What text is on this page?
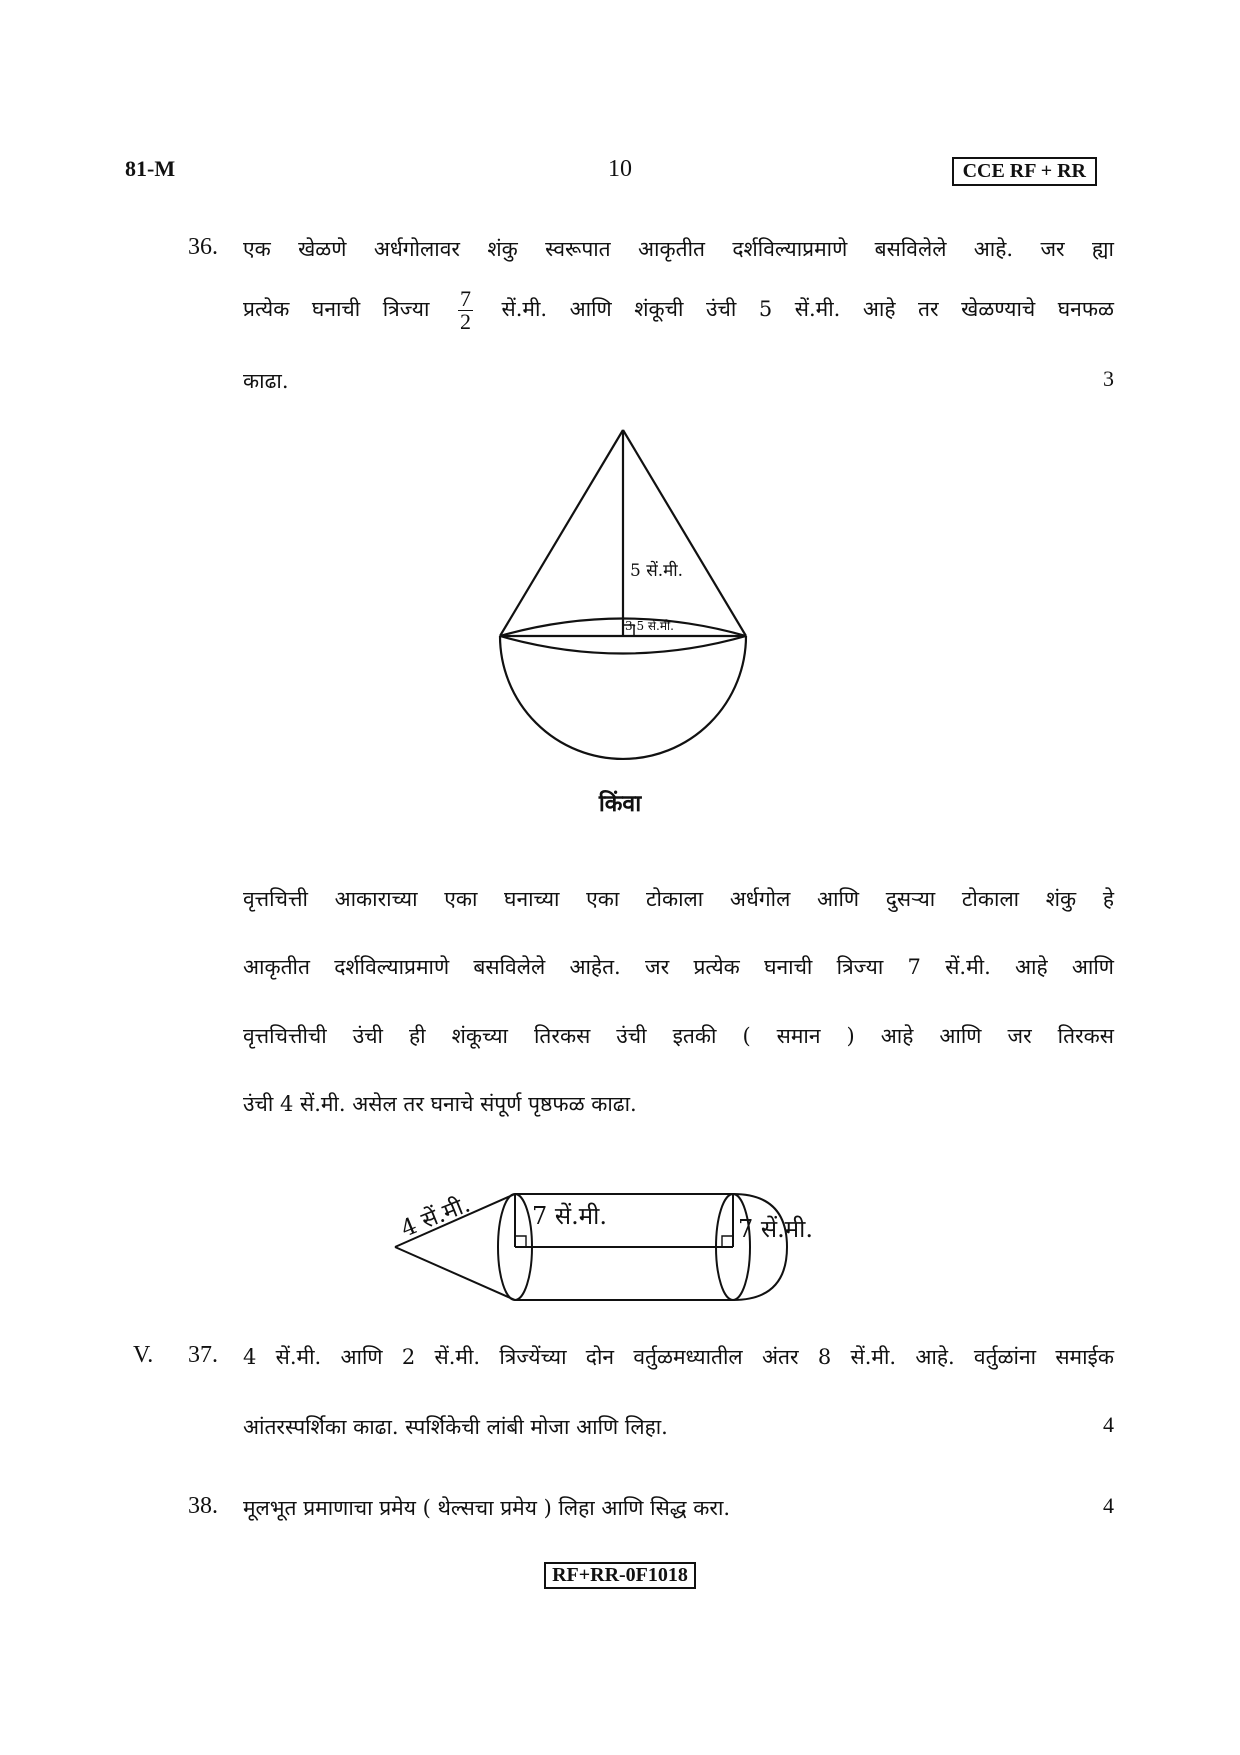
81-M	10	CCE RF + RR
36. एक खेळणे अर्धगोलावर शंकु स्वरूपात आकृतीत दर्शविल्याप्रमाणे बसविलेले आहे. जर ह्या
प्रत्येक घनाची त्रिज्या $\frac{7}{2}$ सें.मी. आणि शंकूची उंची 5 सें.मी. आहे तर खेळण्याचे घनफळ
काढा.	3
5 सें.मी.
3·5 सें.मी.
किंवा
वृत्तचित्ती आकाराच्या एका घनाच्या एका टोकाला अर्धगोल आणि दुसऱ्या टोकाला शंकु हे
आकृतीत दर्शविल्याप्रमाणे बसविलेले आहेत. जर प्रत्येक घनाची त्रिज्या 7 सें.मी. आहे आणि
वृत्तचित्तीची उंची ही शंकूच्या तिरकस उंची इतकी ( समान ) आहे आणि जर तिरकस
उंची 4 सें.मी. असेल तर घनाचे संपूर्ण पृष्ठफळ काढा.
4 सें.मी. 7 सें.मी.	7 सें.मी.
V. 37. 4 सें.मी. आणि 2 सें.मी. त्रिज्येंच्या दोन वर्तुळमध्यातील अंतर 8 सें.मी. आहे. वर्तुळांना समाईक
आंतरस्पर्शिका काढा. स्पर्शिकेची लांबी मोजा आणि लिहा.	4
38. मूलभूत प्रमाणाचा प्रमेय ( थेल्सचा प्रमेय ) लिहा आणि सिद्ध करा.	4
RF+RR-0F1018
